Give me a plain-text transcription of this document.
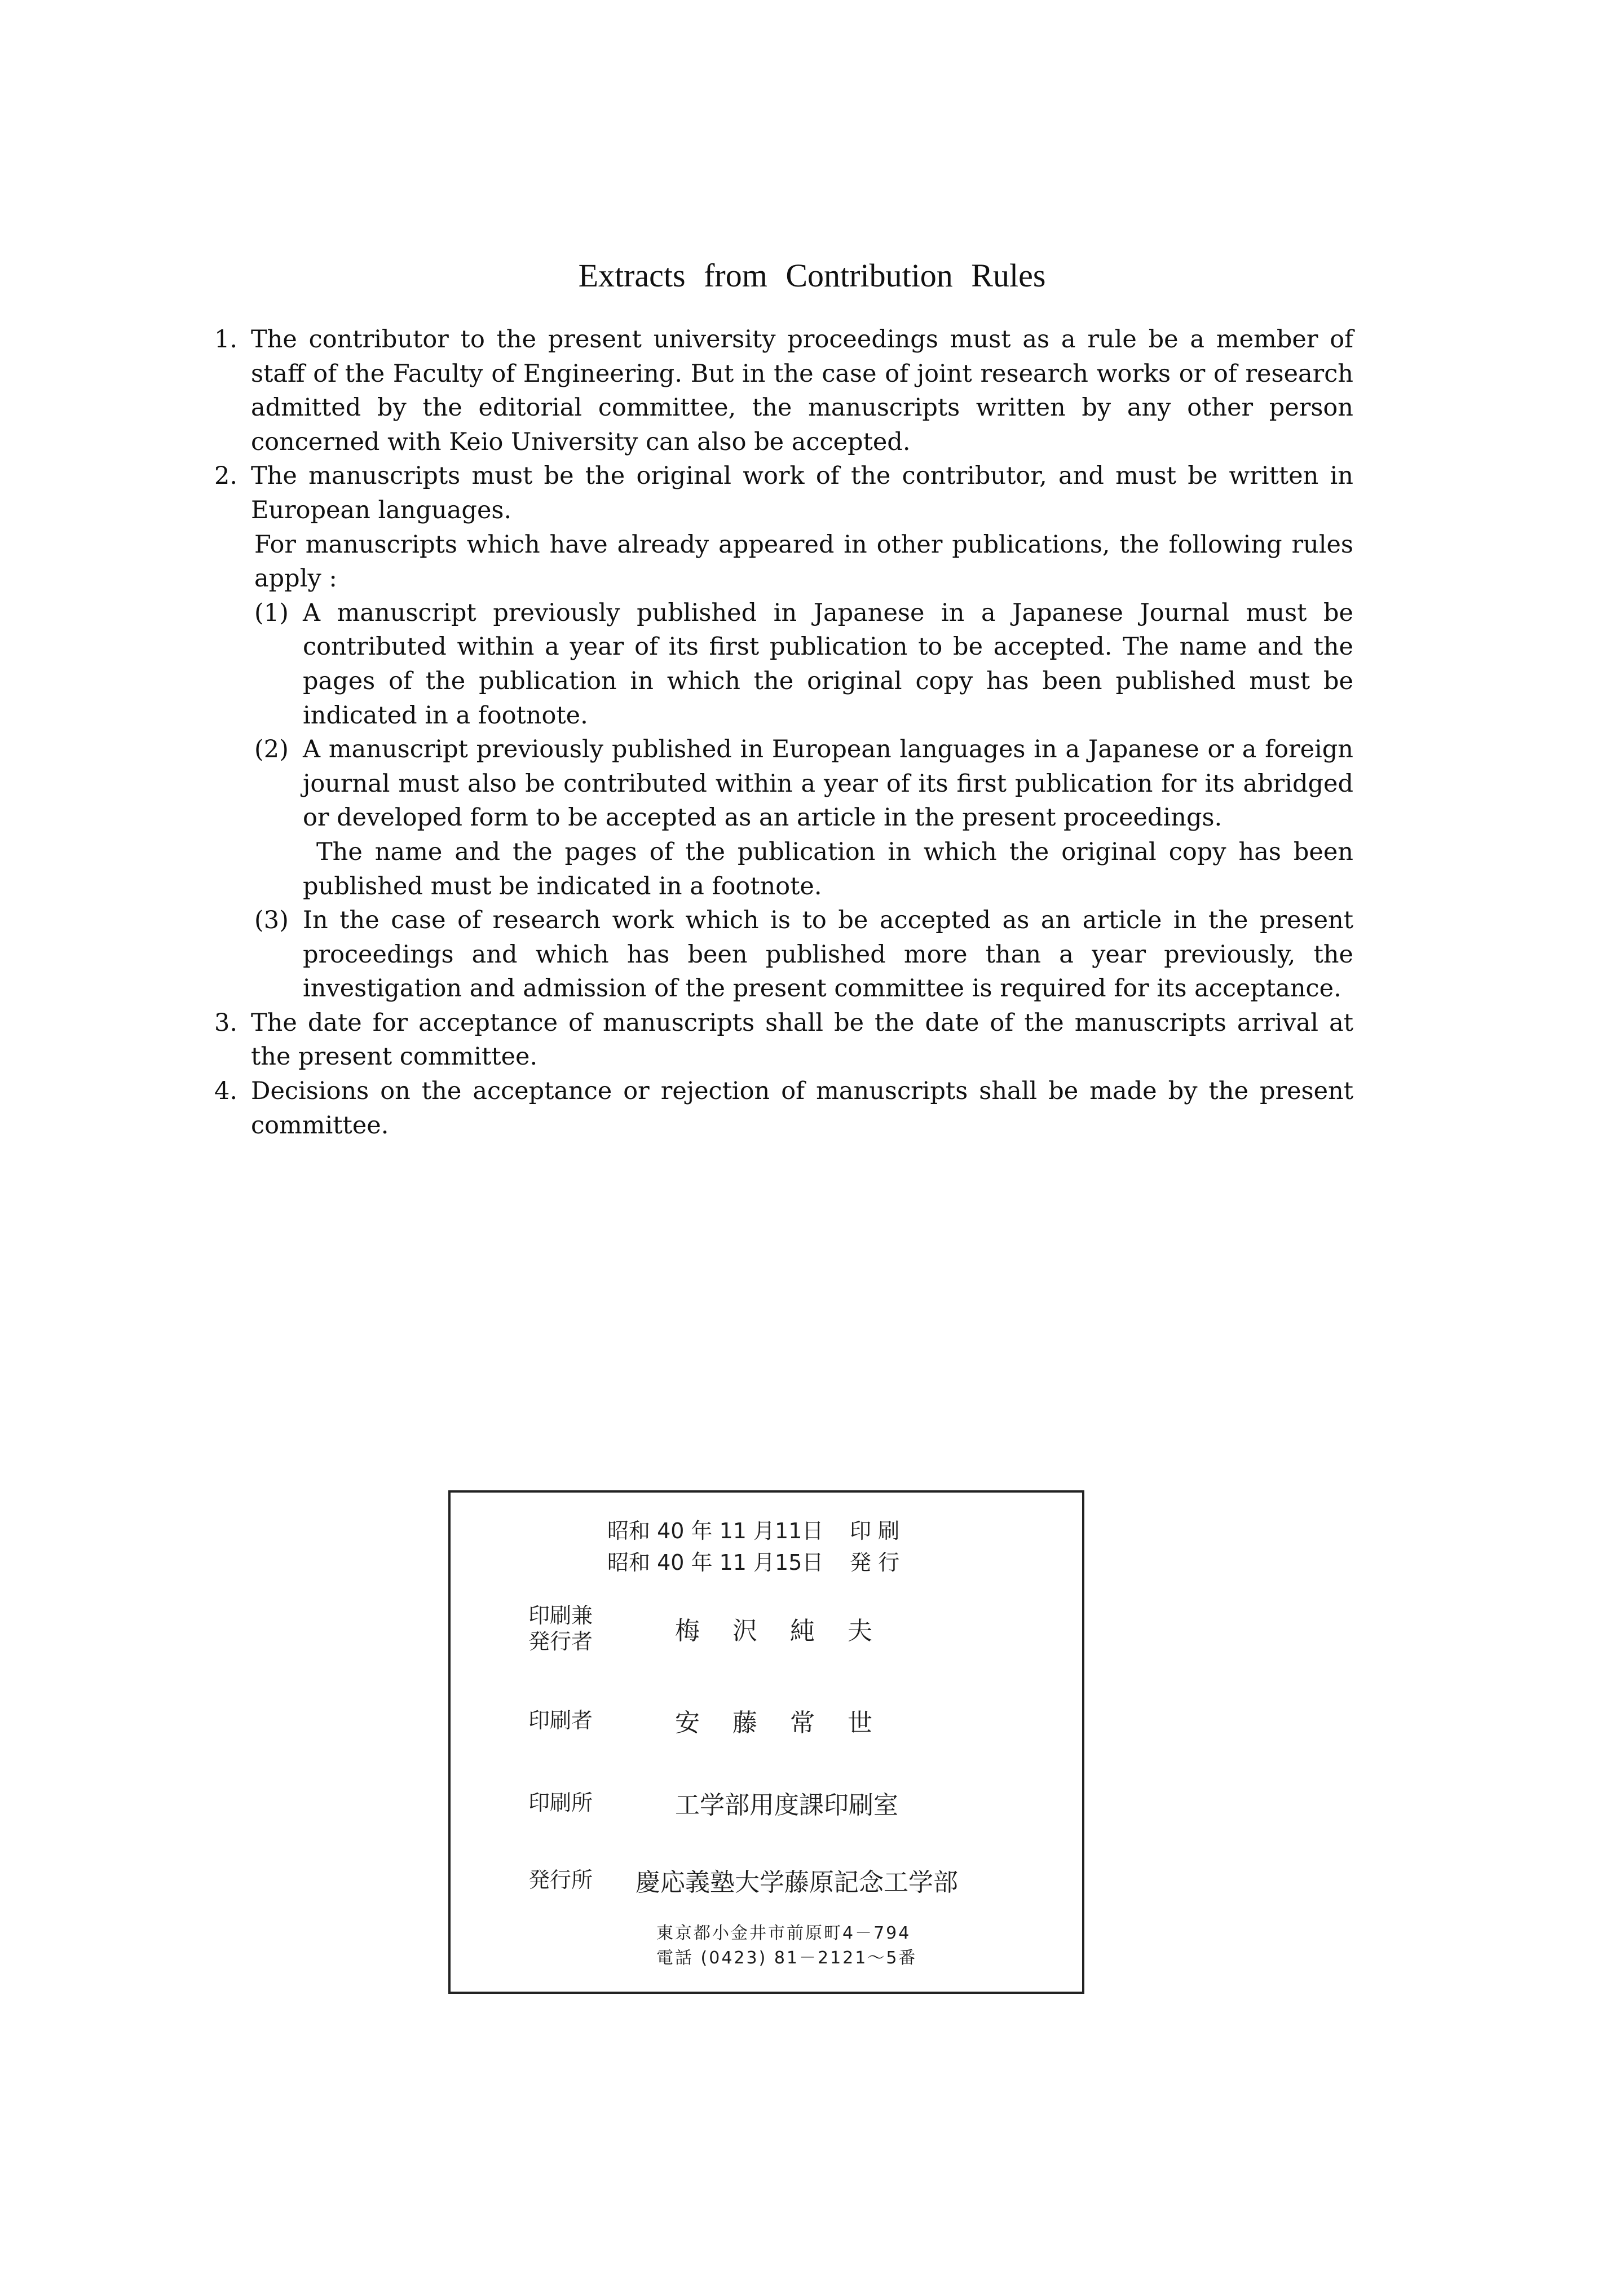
Extracts from Contribution Rules
1. The contributor to the present university proceedings must as a rule be a member of staff of the Faculty of Engineering. But in the case of joint research works or of research admitted by the editorial committee, the manuscripts written by any other person concerned with Keio University can also be accepted.
2. The manuscripts must be the original work of the contributor, and must be written in European languages.
For manuscripts which have already appeared in other publications, the following rules apply :
(1) A manuscript previously published in Japanese in a Japanese Journal must be contributed within a year of its first publication to be accepted. The name and the pages of the publication in which the original copy has been published must be indicated in a footnote.
(2) A manuscript previously published in European languages in a Japanese or a foreign journal must also be contributed within a year of its first publication for its abridged or developed form to be accepted as an article in the present proceedings.
The name and the pages of the publication in which the original copy has been published must be indicated in a footnote.
(3) In the case of research work which is to be accepted as an article in the present proceedings and which has been published more than a year previously, the investigation and admission of the present committee is required for its acceptance.
3. The date for acceptance of manuscripts shall be the date of the manuscripts arrival at the present committee.
4. Decisions on the acceptance or rejection of manuscripts shall be made by the present committee.
昭和 40 年 11 月11日	印 刷
昭和 40 年 11 月15日	発 行
印刷兼
発行者	梅沢純夫
印刷者	安藤常世
印刷所	工学部用度課印刷室
発行所 慶応義塾大学藤原記念工学部
東京都小金井市前原町4－794
電話 (0423) 81－2121～5番
